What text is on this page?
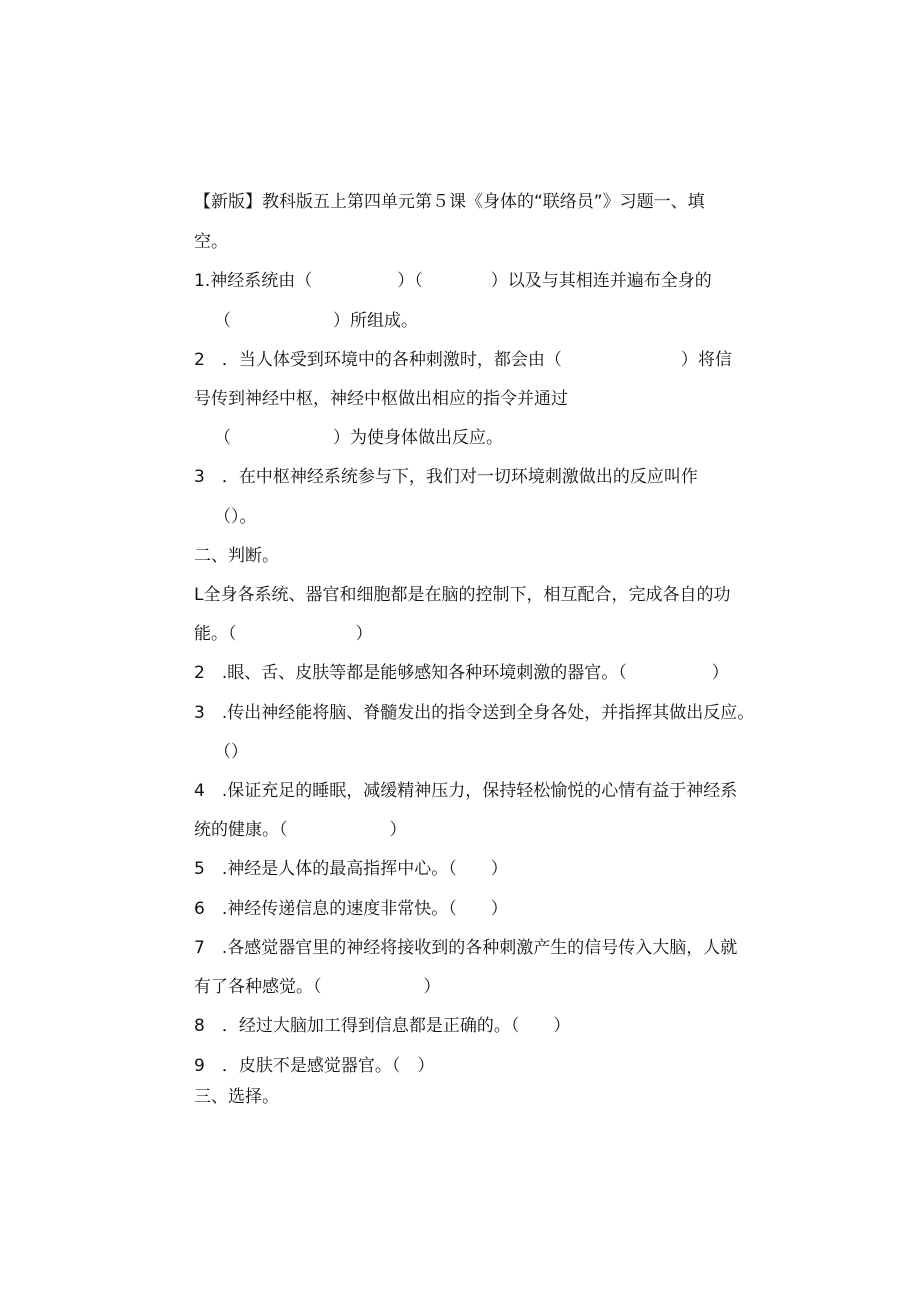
【新版】教科版五上第四单元第５课《身体的“联络员”》习题一、填
空。
1.神经系统由（　　　　　）（　　　　）以及与其相连并遍布全身的
（　　　　　　）所组成。
2　．当人体受到环境中的各种刺激时，都会由（　　　　　　　）将信
号传到神经中枢，神经中枢做出相应的指令并通过
（　　　　　　）为使身体做出反应。
3　．在中枢神经系统参与下，我们对一切环境刺激做出的反应叫作
（）。
二、判断。
L全身各系统、器官和细胞都是在脑的控制下，相互配合，完成各自的功
能。（　　　　　　　）
2　.眼、舌、皮肤等都是能够感知各种环境刺激的器官。（　　　　　）
3　.传出神经能将脑、脊髓发出的指令送到全身各处，并指挥其做出反应。
（）
4　.保证充足的睡眠，减缓精神压力，保持轻松愉悦的心情有益于神经系
统的健康。（　　　　　　）
5　.神经是人体的最高指挥中心。（　　）
6　.神经传递信息的速度非常快。（　　）
7　.各感觉器官里的神经将接收到的各种刺激产生的信号传入大脑，人就
有了各种感觉。（　　　　　　）
8　．经过大脑加工得到信息都是正确的。（　　）
9　．皮肤不是感觉器官。（　）
三、选择。
